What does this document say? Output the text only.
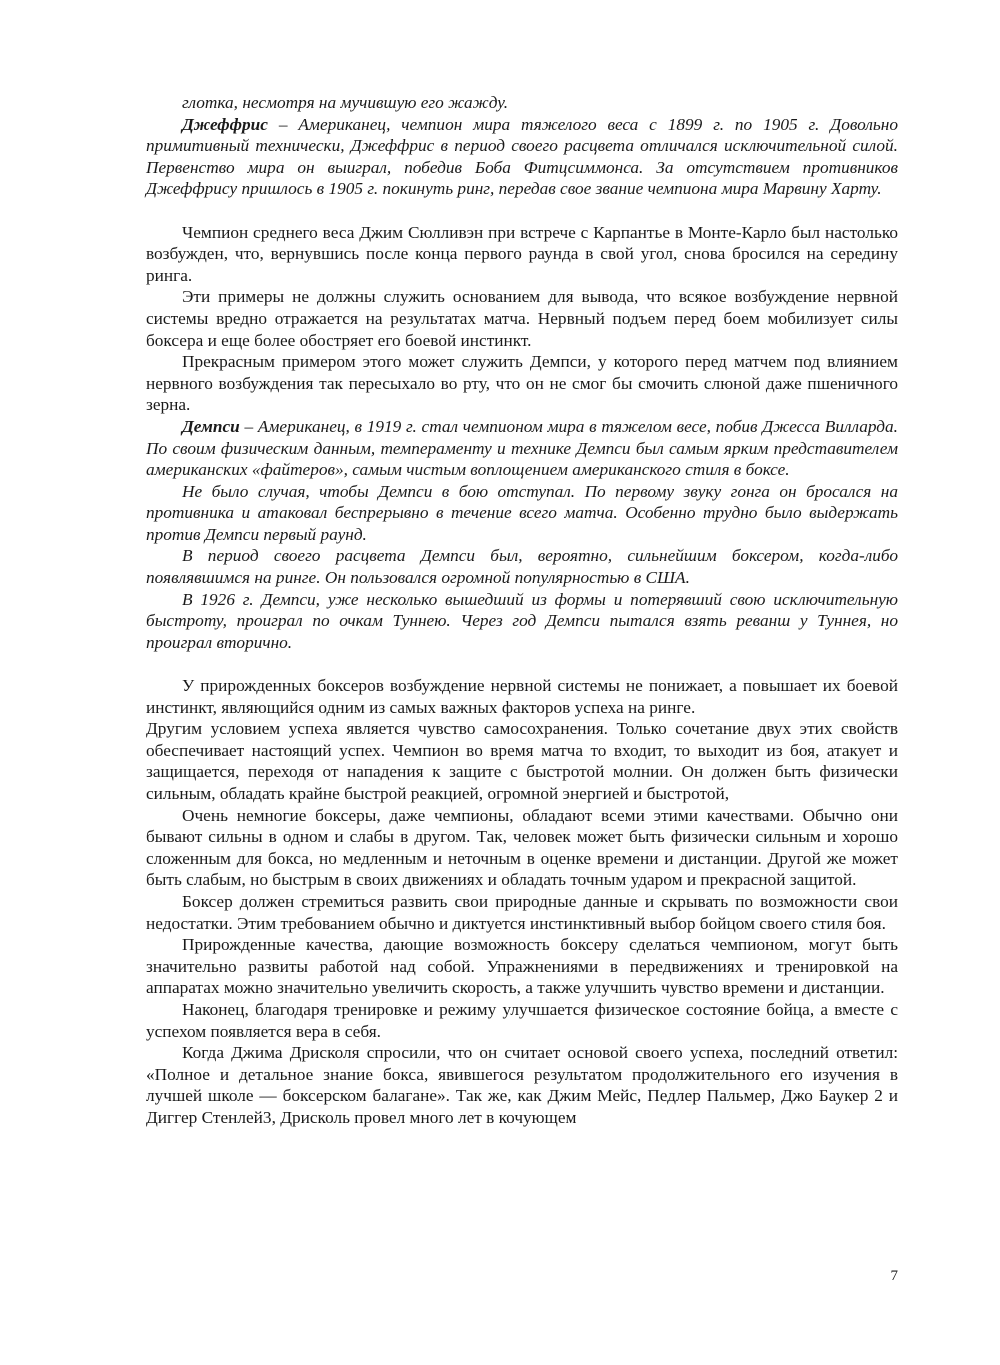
глотка, несмотря на мучившую его жажду.

Джеффрис – Американец, чемпион мира тяжелого веса с 1899 г. по 1905 г. Довольно примитивный технически, Джеффрис в период своего расцвета отличался исключительной силой. Первенство мира он выиграл, победив Боба Фитцсиммонса. За отсутствием противников Джеффрису пришлось в 1905 г. покинуть ринг, передав свое звание чемпиона мира Марвину Харту.

Чемпион среднего веса Джим Сюлливэн при встрече с Карпантье в Монте-Карло был настолько возбужден, что, вернувшись после конца первого раунда в свой угол, снова бросился на середину ринга.

Эти примеры не должны служить основанием для вывода, что всякое возбуждение нервной системы вредно отражается на результатах матча. Нервный подъем перед боем мобилизует силы боксера и еще более обостряет его боевой инстинкт.

Прекрасным примером этого может служить Демпси, у которого перед матчем под влиянием нервного возбуждения так пересыхало во рту, что он не смог бы смочить слюной даже пшеничного зерна.

Демпси – Американец, в 1919 г. стал чемпионом мира в тяжелом весе, побив Джесса Вилларда. По своим физическим данным, темпераменту и технике Демпси был самым ярким представителем американских «файтеров», самым чистым воплощением американского стиля в боксе.

Не было случая, чтобы Демпси в бою отступал. По первому звуку гонга он бросался на противника и атаковал беспрерывно в течение всего матча. Особенно трудно было выдержать против Демпси первый раунд.

В период своего расцвета Демпси был, вероятно, сильнейшим боксером, когда-либо появлявшимся на ринге. Он пользовался огромной популярностью в США.

В 1926 г. Демпси, уже несколько вышедший из формы и потерявший свою исключительную быстроту, проиграл по очкам Туннею. Через год Демпси пытался взять реванш у Туннея, но проиграл вторично.

У прирожденных боксеров возбуждение нервной системы не понижает, а повышает их боевой инстинкт, являющийся одним из самых важных факторов успеха на ринге.

Другим условием успеха является чувство самосохранения. Только сочетание двух этих свойств обеспечивает настоящий успех. Чемпион во время матча то входит, то выходит из боя, атакует и защищается, переходя от нападения к защите с быстротой молнии. Он должен быть физически сильным, обладать крайне быстрой реакцией, огромной энергией и быстротой,

Очень немногие боксеры, даже чемпионы, обладают всеми этими качествами. Обычно они бывают сильны в одном и слабы в другом. Так, человек может быть физически сильным и хорошо сложенным для бокса, но медленным и неточным в оценке времени и дистанции. Другой же может быть слабым, но быстрым в своих движениях и обладать точным ударом и прекрасной защитой.

Боксер должен стремиться развить свои природные данные и скрывать по возможности свои недостатки. Этим требованием обычно и диктуется инстинктивный выбор бойцом своего стиля боя.

Прирожденные качества, дающие возможность боксеру сделаться чемпионом, могут быть значительно развиты работой над собой. Упражнениями в передвижениях и тренировкой на аппаратах можно значительно увеличить скорость, а также улучшить чувство времени и дистанции.

Наконец, благодаря тренировке и режиму улучшается физическое состояние бойца, а вместе с успехом появляется вера в себя.

Когда Джима Дрисколя спросили, что он считает основой своего успеха, последний ответил: «Полное и детальное знание бокса, явившегося результатом продолжительного его изучения в лучшей школе — боксерском балагане». Так же, как Джим Мейс, Педлер Пальмер, Джо Баукер 2 и Диггер Стенлей3, Дрисколь провел много лет в кочующем

7
